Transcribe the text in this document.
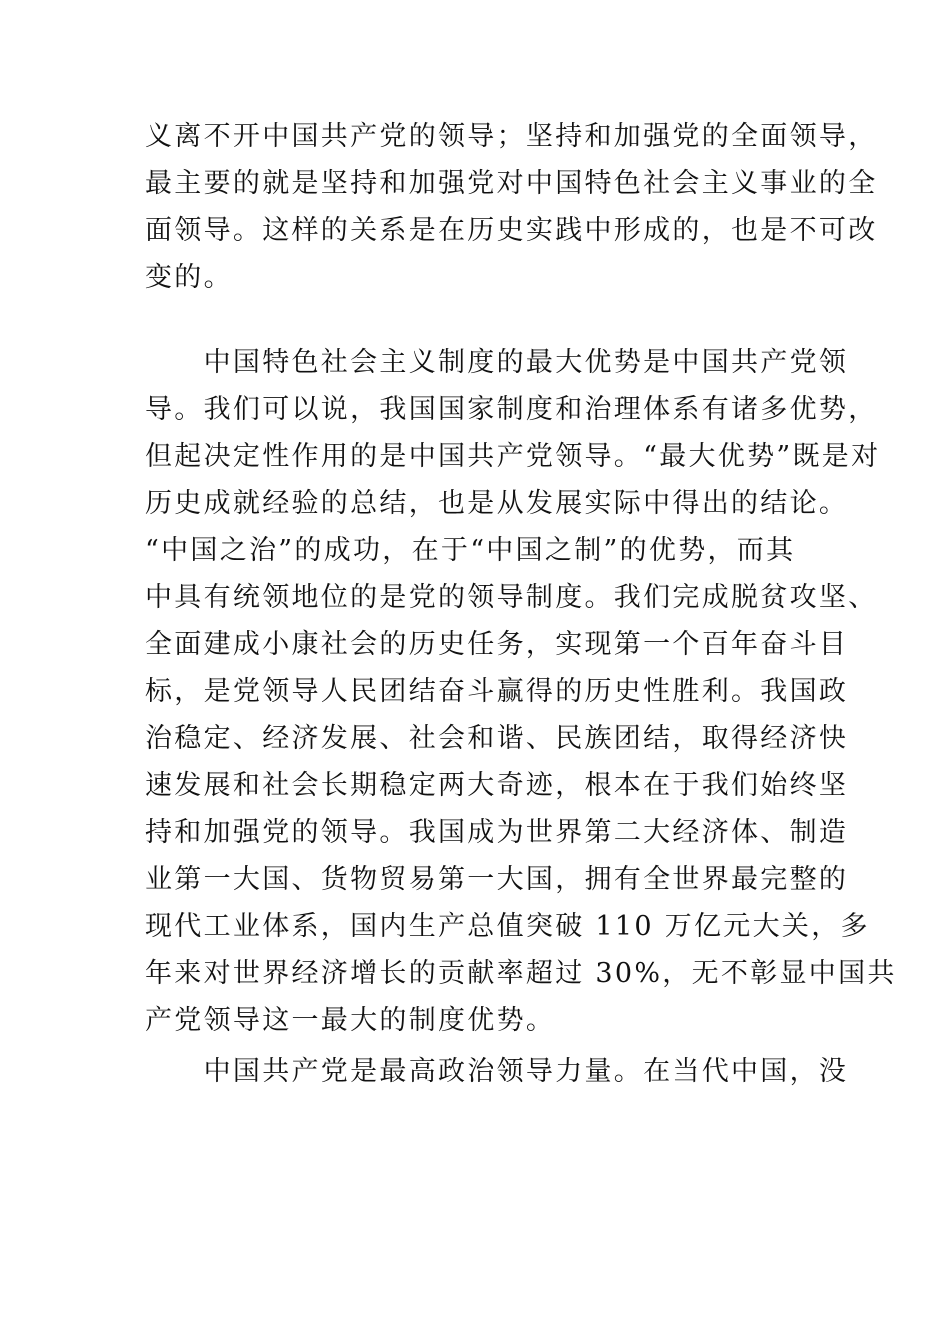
义离不开中国共产党的领导；坚持和加强党的全面领导，
最主要的就是坚持和加强党对中国特色社会主义事业的全
面领导。这样的关系是在历史实践中形成的，也是不可改
变的。
　　中国特色社会主义制度的最大优势是中国共产党领
导。我们可以说，我国国家制度和治理体系有诸多优势，
但起决定性作用的是中国共产党领导。“最大优势”既是对
历史成就经验的总结，也是从发展实际中得出的结论。
“中国之治”的成功，在于“中国之制”的优势，而其
中具有统领地位的是党的领导制度。我们完成脱贫攻坚、
全面建成小康社会的历史任务，实现第一个百年奋斗目
标，是党领导人民团结奋斗赢得的历史性胜利。我国政
治稳定、经济发展、社会和谐、民族团结，取得经济快
速发展和社会长期稳定两大奇迹，根本在于我们始终坚
持和加强党的领导。我国成为世界第二大经济体、制造
业第一大国、货物贸易第一大国，拥有全世界最完整的
现代工业体系，国内生产总值突破 110 万亿元大关，多
年来对世界经济增长的贡献率超过 30%，无不彰显中国共
产党领导这一最大的制度优势。
　　中国共产党是最高政治领导力量。在当代中国，没
